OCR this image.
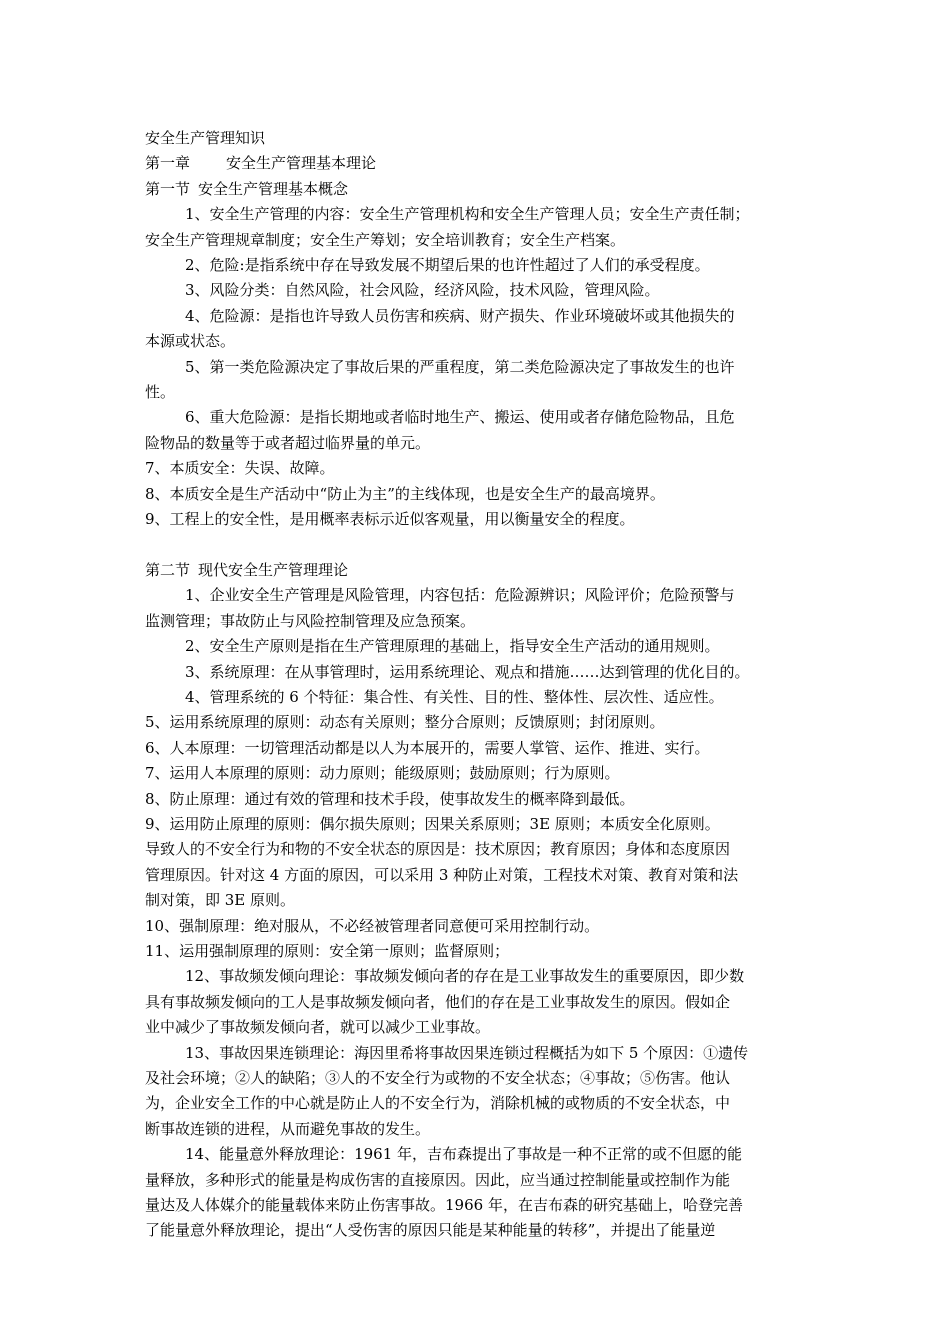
安全生产管理知识
第一章 安全生产管理基本理论
第一节 安全生产管理基本概念
1、安全生产管理的内容：安全生产管理机构和安全生产管理人员；安全生产责任制；
安全生产管理规章制度；安全生产筹划；安全培训教育；安全生产档案。
2、危险:是指系统中存在导致发展不期望后果的也许性超过了人们的承受程度。
3、风险分类：自然风险，社会风险，经济风险，技术风险，管理风险。
4、危险源：是指也许导致人员伤害和疾病、财产损失、作业环境破坏或其他损失的
本源或状态。
5、第一类危险源决定了事故后果的严重程度，第二类危险源决定了事故发生的也许
性。
6、重大危险源：是指长期地或者临时地生产、搬运、使用或者存储危险物品，且危
险物品的数量等于或者超过临界量的单元。
7、本质安全：失误、故障。
8、本质安全是生产活动中“防止为主”的主线体现，也是安全生产的最高境界。
9、工程上的安全性，是用概率表标示近似客观量，用以衡量安全的程度。
第二节 现代安全生产管理理论
1、企业安全生产管理是风险管理，内容包括：危险源辨识；风险评价；危险预警与
监测管理；事故防止与风险控制管理及应急预案。
2、安全生产原则是指在生产管理原理的基础上，指导安全生产活动的通用规则。
3、系统原理：在从事管理时，运用系统理论、观点和措施……达到管理的优化目的。
4、管理系统的 6 个特征：集合性、有关性、目的性、整体性、层次性、适应性。
5、运用系统原理的原则：动态有关原则；整分合原则；反馈原则；封闭原则。
6、人本原理：一切管理活动都是以人为本展开的，需要人掌管、运作、推进、实行。
7、运用人本原理的原则：动力原则；能级原则；鼓励原则；行为原则。
8、防止原理：通过有效的管理和技术手段，使事故发生的概率降到最低。
9、运用防止原理的原则：偶尔损失原则；因果关系原则；3E 原则；本质安全化原则。
导致人的不安全行为和物的不安全状态的原因是：技术原因；教育原因；身体和态度原因
管理原因。针对这 4 方面的原因，可以采用 3 种防止对策，工程技术对策、教育对策和法
制对策，即 3E 原则。
10、强制原理：绝对服从，不必经被管理者同意便可采用控制行动。
11、运用强制原理的原则：安全第一原则；监督原则；
12、事故频发倾向理论：事故频发倾向者的存在是工业事故发生的重要原因，即少数
具有事故频发倾向的工人是事故频发倾向者，他们的存在是工业事故发生的原因。假如企
业中减少了事故频发倾向者，就可以减少工业事故。
13、事故因果连锁理论：海因里希将事故因果连锁过程概括为如下 5 个原因：①遗传
及社会环境；②人的缺陷；③人的不安全行为或物的不安全状态；④事故；⑤伤害。他认
为，企业安全工作的中心就是防止人的不安全行为，消除机械的或物质的不安全状态，中
断事故连锁的进程，从而避免事故的发生。
14、能量意外释放理论：1961 年，吉布森提出了事故是一种不正常的或不但愿的能
量释放，多种形式的能量是构成伤害的直接原因。因此，应当通过控制能量或控制作为能
量达及人体媒介的能量载体来防止伤害事故。1966 年，在吉布森的研究基础上，哈登完善
了能量意外释放理论，提出“人受伤害的原因只能是某种能量的转移”，并提出了能量逆
